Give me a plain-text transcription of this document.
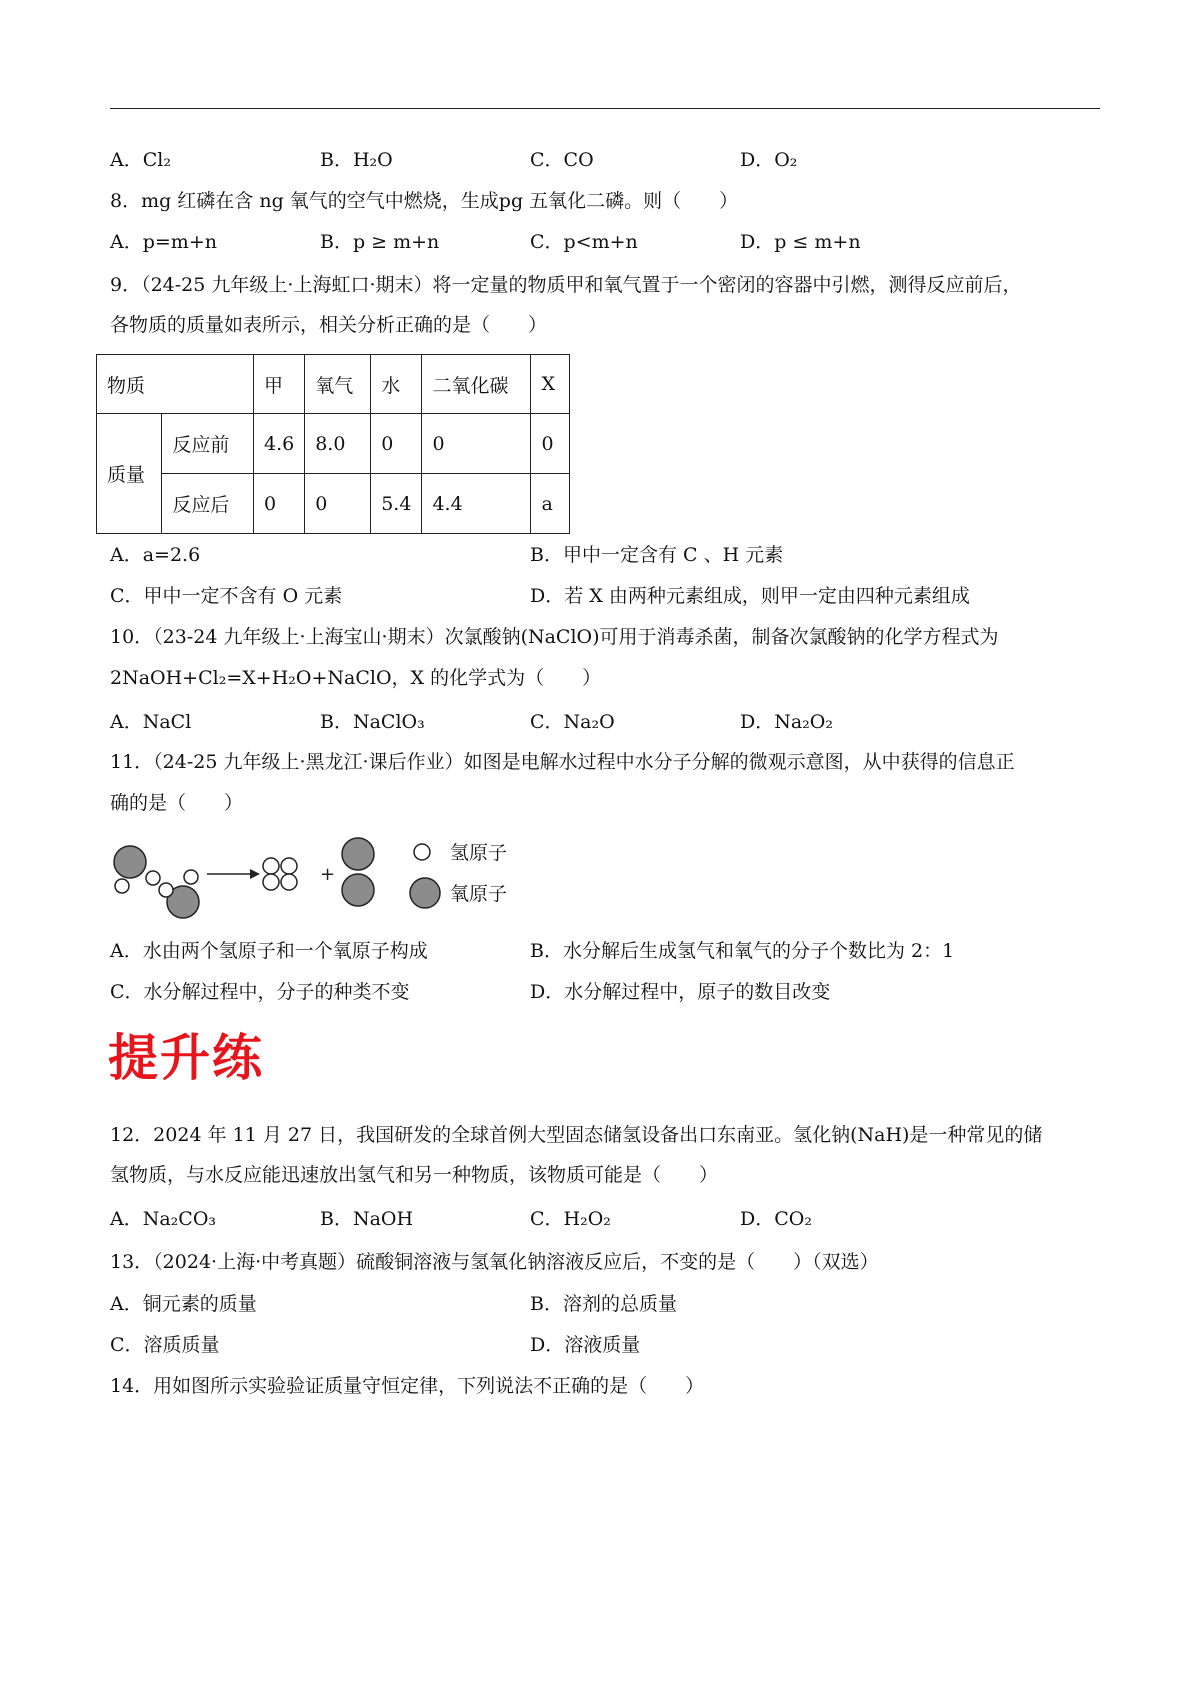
A．Cl₂	B．H₂O	C．CO	D．O₂
8．mg 红磷在含 ng 氧气的空气中燃烧，生成pg 五氧化二磷。则（　　）
A．p=m+n	B．p ≥ m+n	C．p<m+n	D．p ≤ m+n
9．（24-25 九年级上·上海虹口·期末）将一定量的物质甲和氧气置于一个密闭的容器中引燃，测得反应前后，
各物质的质量如表所示，相关分析正确的是（　　）
物质		甲	氧气	水	二氧化碳	X
质量	反应前	4.6	8.0	0	0	0
	反应后	0	0	5.4	4.4	a
A．a=2.6	B．甲中一定含有 C 、H 元素
C．甲中一定不含有 O 元素	D．若 X 由两种元素组成，则甲一定由四种元素组成
10．（23-24 九年级上·上海宝山·期末）次氯酸钠(NaClO)可用于消毒杀菌，制备次氯酸钠的化学方程式为
2NaOH+Cl₂=X+H₂O+NaClO，X 的化学式为（　　）
A．NaCl	B．NaClO₃	C．Na₂O	D．Na₂O₂
11．（24-25 九年级上·黑龙江·课后作业）如图是电解水过程中水分子分解的微观示意图，从中获得的信息正
确的是（　　）
+
氢原子
氧原子
A．水由两个氢原子和一个氧原子构成	B．水分解后生成氢气和氧气的分子个数比为 2：1
C．水分解过程中，分子的种类不变	D．水分解过程中，原子的数目改变
提升练
12．2024 年 11 月 27 日，我国研发的全球首例大型固态储氢设备出口东南亚。氢化钠(NaH)是一种常见的储
氢物质，与水反应能迅速放出氢气和另一种物质，该物质可能是（　　）
A．Na₂CO₃	B．NaOH	C．H₂O₂	D．CO₂
13．（2024·上海·中考真题）硫酸铜溶液与氢氧化钠溶液反应后，不变的是（　　）（双选）
A．铜元素的质量	B．溶剂的总质量
C．溶质质量	D．溶液质量
14．用如图所示实验验证质量守恒定律，下列说法不正确的是（　　）
